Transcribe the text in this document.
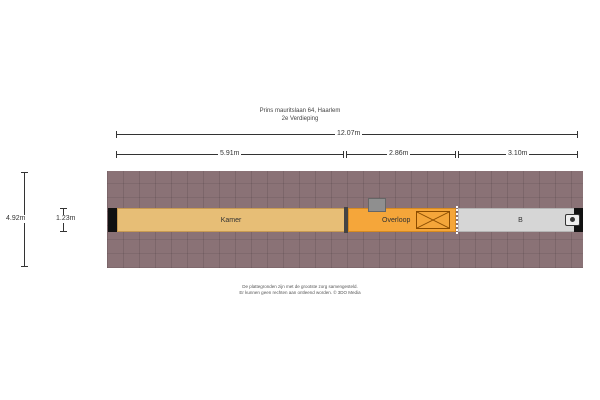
Prins mauritslaan 64, Haarlem
2e Verdieping
12.07m
5.91m	2.86m	3.10m
4.92m	1.23m	Kamer	Overloop	B
De plattegronden zijn met de grootste zorg samengesteld.
Er kunnen geen rechten aan ontleend worden. © 3DO Media
